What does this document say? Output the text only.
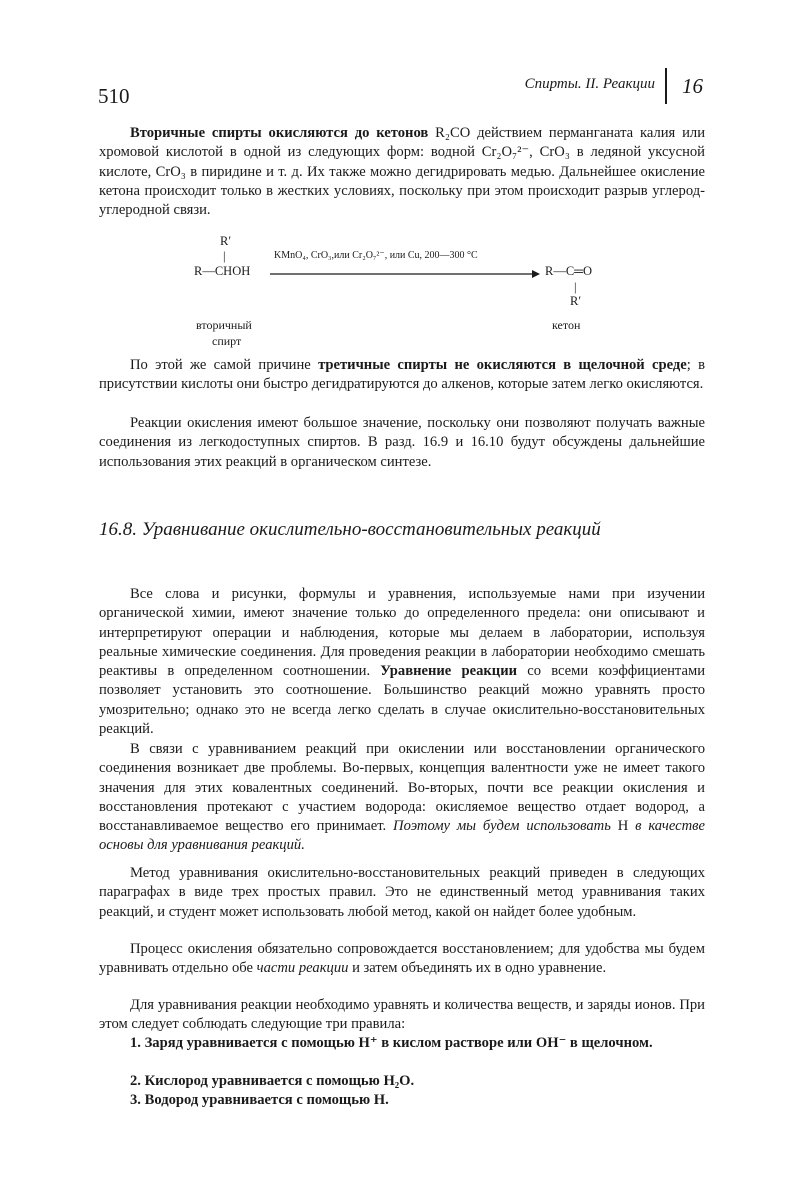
510	Спирты. II. Реакции 16
Вторичные спирты окисляются до кетонов R₂CO действием перманганата калия или хромовой кислотой в одной из следующих форм: водной Cr₂O₇²⁻, CrO₃ в ледяной уксусной кислоте, CrO₃ в пиридине и т. д. Их также можно дегидрировать медью. Дальнейшее окисление кетона происходит только в жестких условиях, поскольку при этом происходит разрыв углерод-углеродной связи.
R′
|
R—CHOH
KMnO₄, CrO₃,или Cr₂O₇²⁻, или Cu, 200—300 °C
R—C═O
|
R′
вторичный
спирт
кетон
По этой же самой причине третичные спирты не окисляются в щелочной среде; в присутствии кислоты они быстро дегидратируются до алкенов, которые затем легко окисляются.
Реакции окисления имеют большое значение, поскольку они позволяют получать важные соединения из легкодоступных спиртов. В разд. 16.9 и 16.10 будут обсуждены дальнейшие использования этих реакций в органическом синтезе.
16.8. Уравнивание окислительно-восстановительных реакций
Все слова и рисунки, формулы и уравнения, используемые нами при изучении органической химии, имеют значение только до определенного предела: они описывают и интерпретируют операции и наблюдения, которые мы делаем в лаборатории, используя реальные химические соединения. Для проведения реакции в лаборатории необходимо смешать реактивы в определенном соотношении. Уравнение реакции со всеми коэффициентами позволяет установить это соотношение. Большинство реакций можно уравнять просто умозрительно; однако это не всегда легко сделать в случае окислительно-восстановительных реакций.
В связи с уравниванием реакций при окислении или восстановлении органического соединения возникает две проблемы. Во-первых, концепция валентности уже не имеет такого значения для этих ковалентных соединений. Во-вторых, почти все реакции окисления и восстановления протекают с участием водорода: окисляемое вещество отдает водород, а восстанавливаемое вещество его принимает. Поэтому мы будем использовать H в качестве основы для уравнивания реакций.
Метод уравнивания окислительно-восстановительных реакций приведен в следующих параграфах в виде трех простых правил. Это не единственный метод уравнивания таких реакций, и студент может использовать любой метод, какой он найдет более удобным.
Процесс окисления обязательно сопровождается восстановлением; для удобства мы будем уравнивать отдельно обе части реакции и затем объединять их в одно уравнение.
Для уравнивания реакции необходимо уравнять и количества веществ, и заряды ионов. При этом следует соблюдать следующие три правила:
1. Заряд уравнивается с помощью H⁺ в кислом растворе или OH⁻ в щелочном.
2. Кислород уравнивается с помощью H₂O.
3. Водород уравнивается с помощью H.
